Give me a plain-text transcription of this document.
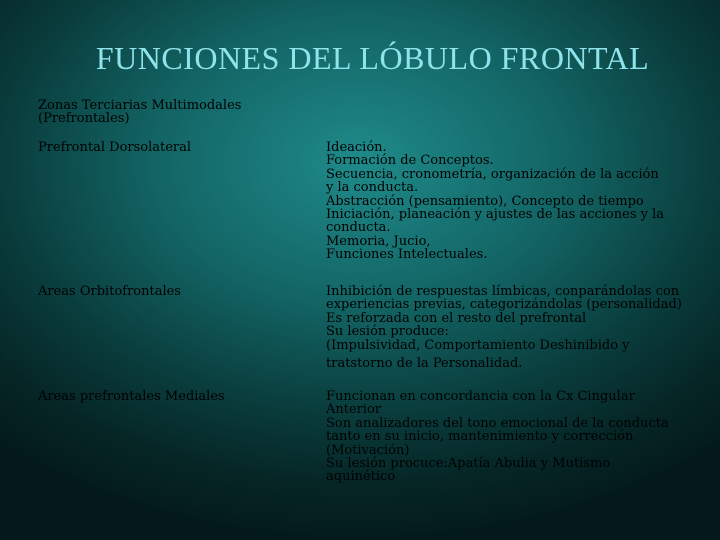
FUNCIONES DEL LÓBULO FRONTAL
Zonas Terciarias Multimodales
(Prefrontales)
Prefrontal Dorsolateral	Ideación.
Formación de Conceptos.
Secuencia, cronometría, organización de la acción
y la conducta.
Abstracción (pensamiento), Concepto de tiempo
Iniciación, planeación y ajustes de las acciones y la
conducta.
Memoria, Jucio,
Funciones Intelectuales.
Areas Orbitofrontales	Inhibición de respuestas límbicas, conparándolas con
experiencias previas, categorizándolas (personalidad)
Es reforzada con el resto del prefrontal
Su lesión produce:
(Impulsividad, Comportamiento Deshinibido y
tratstorno de la Personalidad.
Areas prefrontales Mediales	Funcionan en concordancia con la Cx Cingular
Anterior
Son analizadores del tono emocional de la conducta
tanto en su inicio, mantenimiento y corrección
(Motivación)
Su lesión procuce:Apatía Abulia y Mutismo
aquinético
